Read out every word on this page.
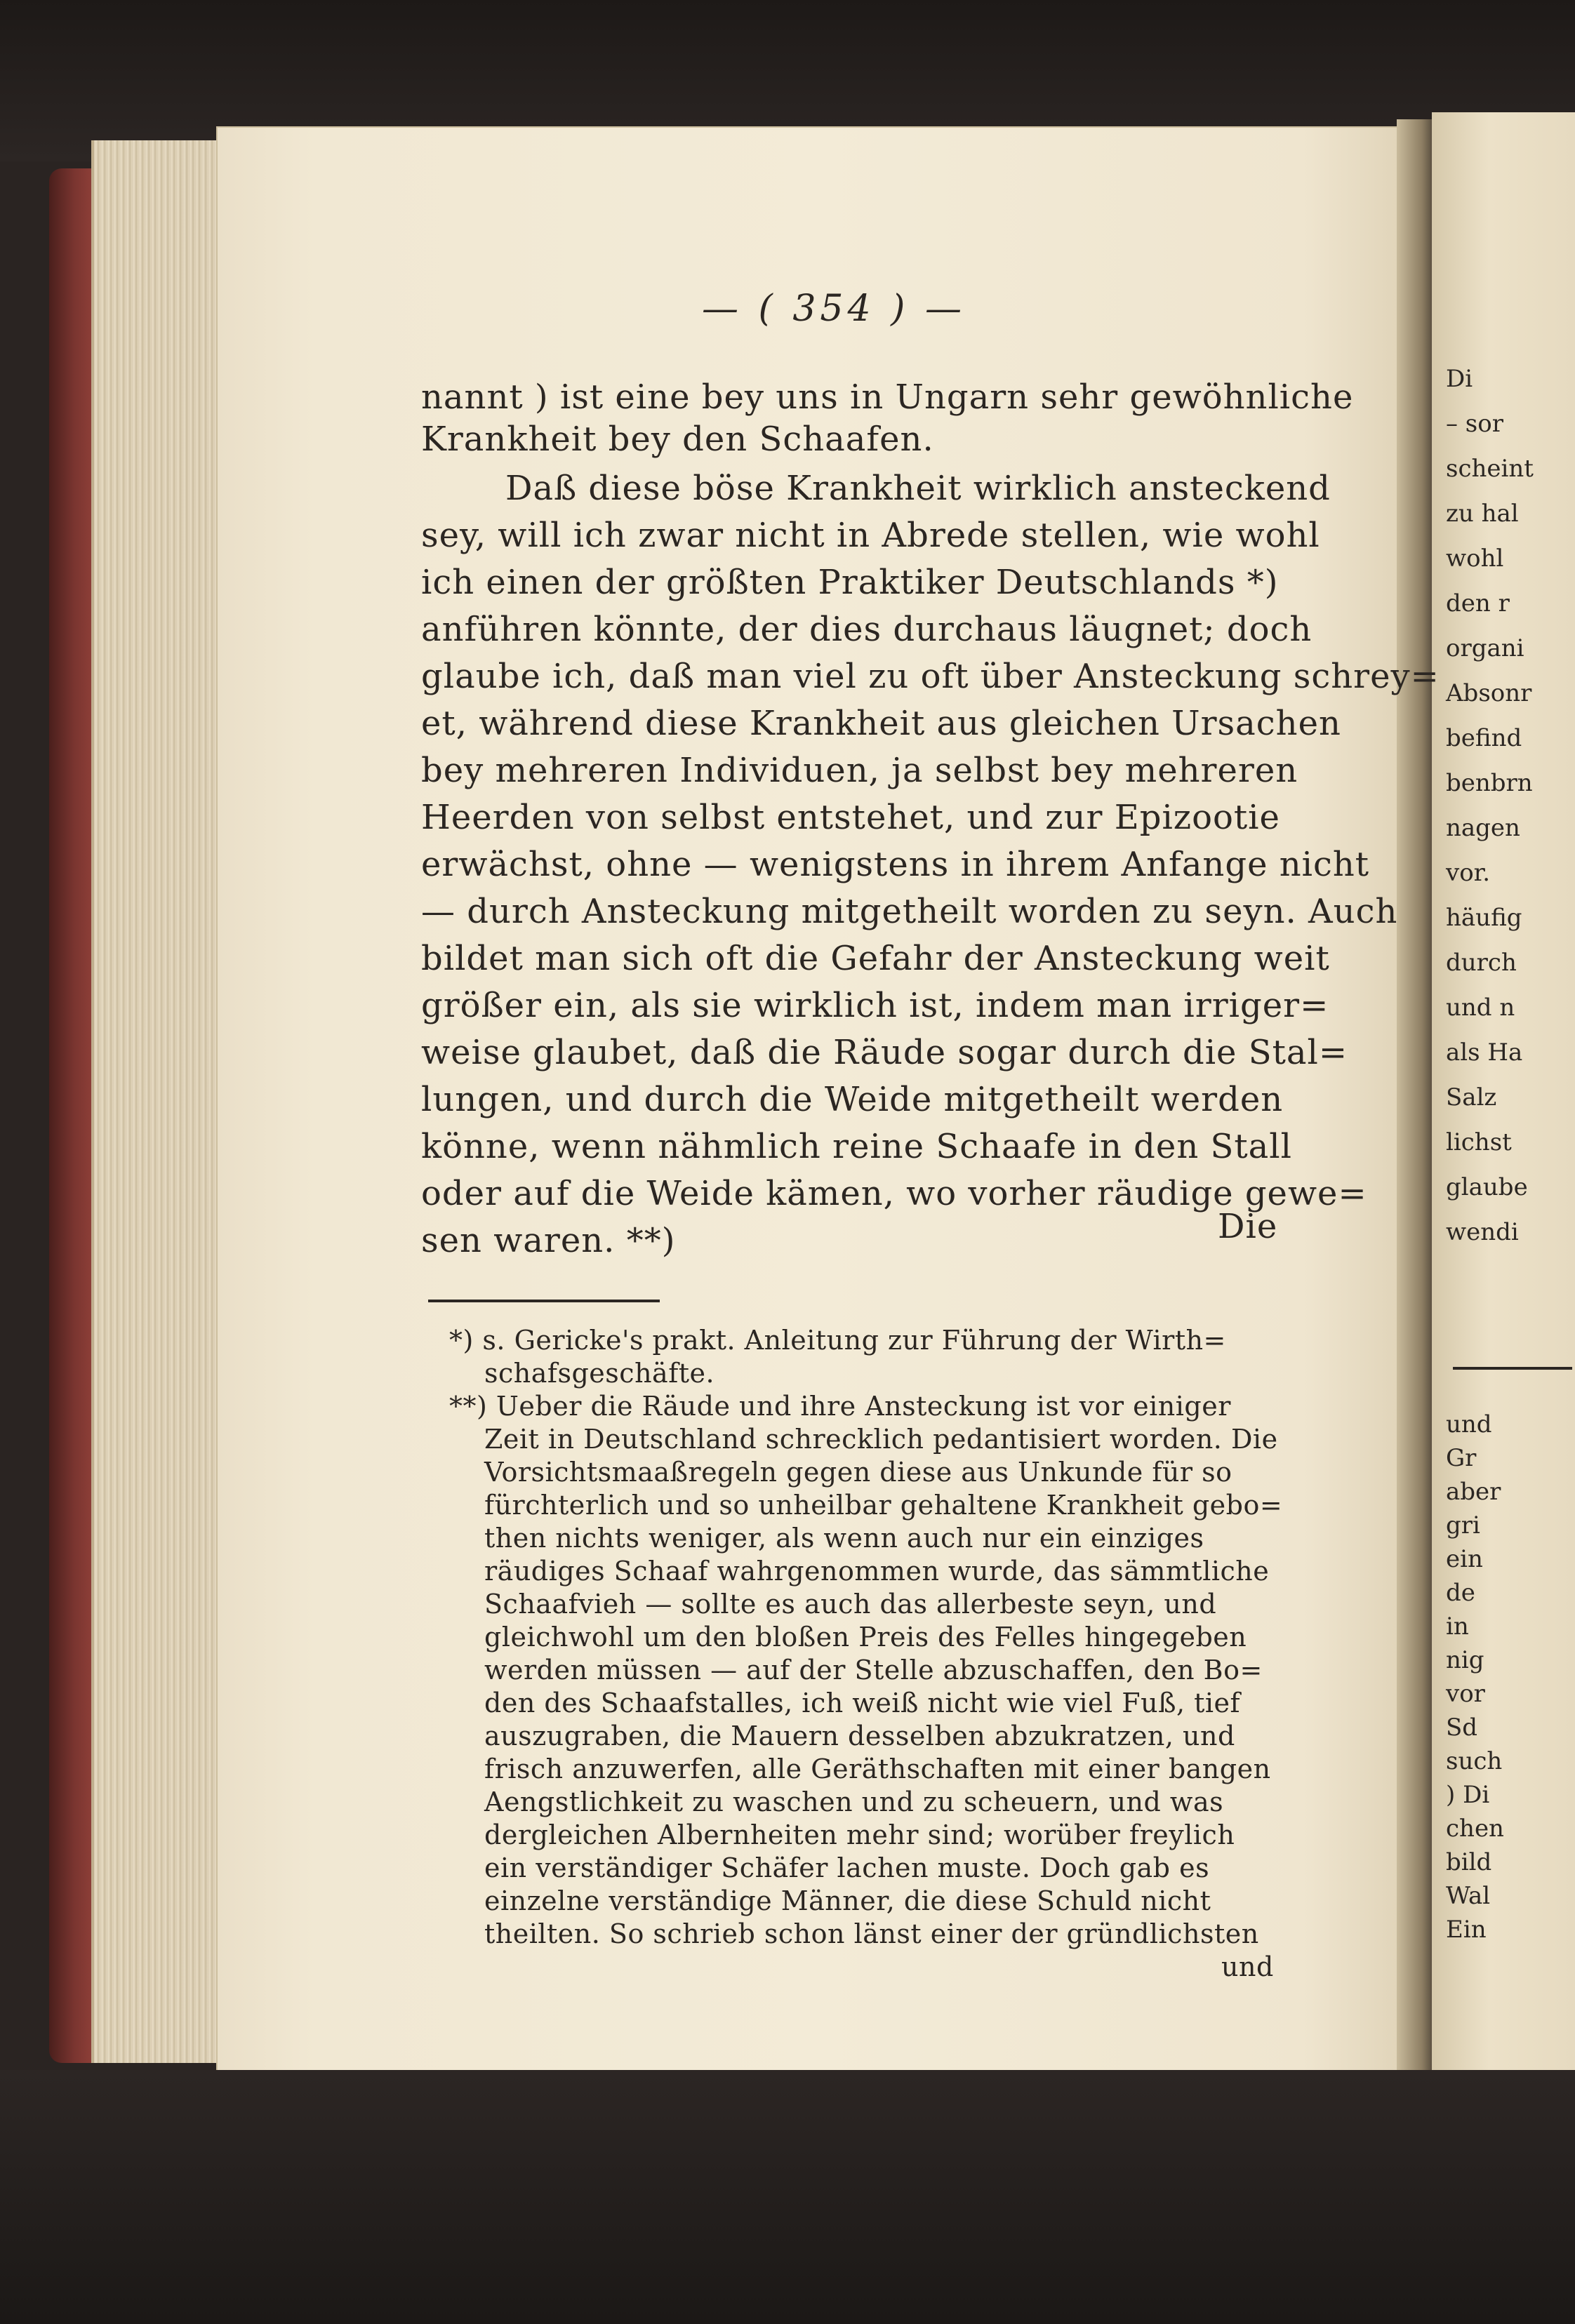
— ( 354 ) —
nannt ) ist eine bey uns in Ungarn sehr gewöhnliche
Krankheit bey den Schaafen.
Daß diese böse Krankheit wirklich ansteckend
sey, will ich zwar nicht in Abrede stellen, wie wohl
ich einen der größten Praktiker Deutschlands *)
anführen könnte, der dies durchaus läugnet; doch
glaube ich, daß man viel zu oft über Ansteckung schrey=
et, während diese Krankheit aus gleichen Ursachen
bey mehreren Individuen, ja selbst bey mehreren
Heerden von selbst entstehet, und zur Epizootie
erwächst, ohne — wenigstens in ihrem Anfange nicht
— durch Ansteckung mitgetheilt worden zu seyn. Auch
bildet man sich oft die Gefahr der Ansteckung weit
größer ein, als sie wirklich ist, indem man irriger=
weise glaubet, daß die Räude sogar durch die Stal=
lungen, und durch die Weide mitgetheilt werden
könne, wenn nähmlich reine Schaafe in den Stall
oder auf die Weide kämen, wo vorher räudige gewe=
sen waren. **)	Die
*) s. Gericke's prakt. Anleitung zur Führung der Wirth=
schafsgeschäfte.
**) Ueber die Räude und ihre Ansteckung ist vor einiger
Zeit in Deutschland schrecklich pedantisiert worden. Die
Vorsichtsmaaßregeln gegen diese aus Unkunde für so
fürchterlich und so unheilbar gehaltene Krankheit gebo=
then nichts weniger, als wenn auch nur ein einziges
räudiges Schaaf wahrgenommen wurde, das sämmtliche
Schaafvieh — sollte es auch das allerbeste seyn, und
gleichwohl um den bloßen Preis des Felles hingegeben
werden müssen — auf der Stelle abzuschaffen, den Bo=
den des Schaafstalles, ich weiß nicht wie viel Fuß, tief
auszugraben, die Mauern desselben abzukratzen, und
frisch anzuwerfen, alle Geräthschaften mit einer bangen
Aengstlichkeit zu waschen und zu scheuern, und was
dergleichen Albernheiten mehr sind; worüber freylich
ein verständiger Schäfer lachen muste. Doch gab es
einzelne verständige Männer, die diese Schuld nicht
theilten. So schrieb schon länst einer der gründlichsten
und
Di
– sor
scheint
zu hal
wohl
den r
organi
Absonr
befind
benbrn
nagen
vor.
häufig
durch
und n
als Ha
Salz
lichst
glaube
wendi
und
Gr
aber
gri
ein
de
in
nig
vor
Sd
such
) Di
chen
bild
Wal
Ein
